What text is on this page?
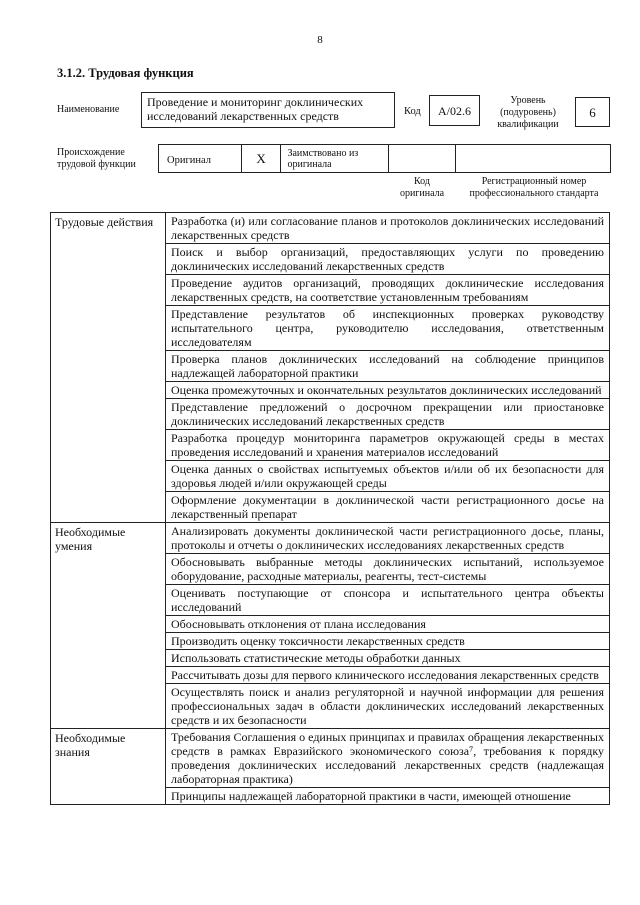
8
3.1.2. Трудовая функция
Наименование
Проведение и мониторинг доклинических исследований лекарственных средств	Код	А/02.6
Уровень (подуровень) квалификации
6
Происхождение трудовой функции	Оригинал	X	Заимствовано из оригинала
Код оригинала
Регистрационный номер профессионального стандарта
Трудовые действия	Разработка (и) или согласование планов и протоколов доклинических исследований лекарственных средств
	Поиск и выбор организаций, предоставляющих услуги по проведению доклинических исследований лекарственных средств
	Проведение аудитов организаций, проводящих доклинические исследования лекарственных средств, на соответствие установленным требованиям
	Представление результатов об инспекционных проверках руководству испытательного центра, руководителю исследования, ответственным исследователям
	Проверка планов доклинических исследований на соблюдение принципов надлежащей лабораторной практики
	Оценка промежуточных и окончательных результатов доклинических исследований
	Представление предложений о досрочном прекращении или приостановке доклинических исследований лекарственных средств
	Разработка процедур мониторинга параметров окружающей среды в местах проведения исследований и хранения материалов исследований
	Оценка данных о свойствах испытуемых объектов и/или об их безопасности для здоровья людей и/или окружающей среды
	Оформление документации в доклинической части регистрационного досье на лекарственный препарат
Необходимые умения	Анализировать документы доклинической части регистрационного досье, планы, протоколы и отчеты о доклинических исследованиях лекарственных средств
	Обосновывать выбранные методы доклинических испытаний, используемое оборудование, расходные материалы, реагенты, тест-системы
	Оценивать поступающие от спонсора и испытательного центра объекты исследований
	Обосновывать отклонения от плана исследования
	Производить оценку токсичности лекарственных средств
	Использовать статистические методы обработки данных
	Рассчитывать дозы для первого клинического исследования лекарственных средств
	Осуществлять поиск и анализ регуляторной и научной информации для решения профессиональных задач в области доклинических исследований лекарственных средств и их безопасности
Необходимые знания	Требования Соглашения о единых принципах и правилах обращения лекарственных средств в рамках Евразийского экономического союза⁷, требования к порядку проведения доклинических исследований лекарственных средств (надлежащая лабораторная практика)
	Принципы надлежащей лабораторной практики в части, имеющей отношение
